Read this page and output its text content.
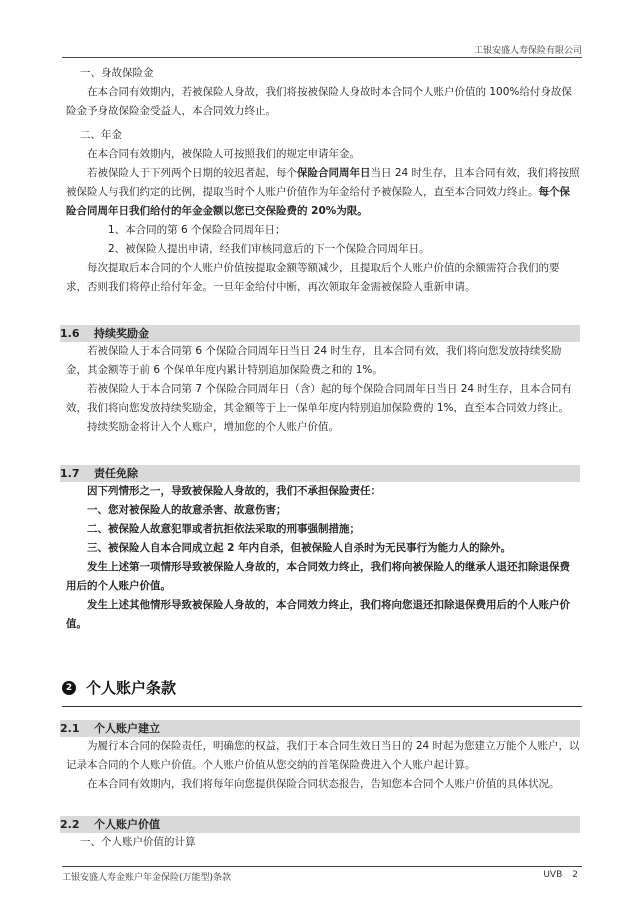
工银安盛人寿保险有限公司

一、身故保险金

在本合同有效期内，若被保险人身故，我们将按被保险人身故时本合同个人账户价值的 100%给付身故保险金予身故保险金受益人，本合同效力终止。

二、年金

在本合同有效期内，被保险人可按照我们的规定申请年金。

若被保险人于下列两个日期的较迟者起，每个保险合同周年日当日 24 时生存，且本合同有效，我们将按照被保险人与我们约定的比例，提取当时个人账户价值作为年金给付予被保险人，直至本合同效力终止。每个保险合同周年日我们给付的年金金额以您已交保险费的 20%为限。

1、本合同的第 6 个保险合同周年日；

2、被保险人提出申请，经我们审核同意后的下一个保险合同周年日。

每次提取后本合同的个人账户价值按提取金额等额减少，且提取后个人账户价值的余额需符合我们的要求，否则我们将停止给付年金。一旦年金给付中断，再次领取年金需被保险人重新申请。

1.6 持续奖励金

若被保险人于本合同第 6 个保险合同周年日当日 24 时生存，且本合同有效，我们将向您发放持续奖励金，其金额等于前 6 个保单年度内累计特别追加保险费之和的 1%。

若被保险人于本合同第 7 个保险合同周年日（含）起的每个保险合同周年日当日 24 时生存，且本合同有效，我们将向您发放持续奖励金，其金额等于上一保单年度内特别追加保险费的 1%，直至本合同效力终止。

持续奖励金将计入个人账户，增加您的个人账户价值。

1.7 责任免除

因下列情形之一，导致被保险人身故的，我们不承担保险责任：

一、您对被保险人的故意杀害、故意伤害；

二、被保险人故意犯罪或者抗拒依法采取的刑事强制措施；

三、被保险人自本合同成立起 2 年内自杀，但被保险人自杀时为无民事行为能力人的除外。

发生上述第一项情形导致被保险人身故的，本合同效力终止，我们将向被保险人的继承人退还扣除退保费用后的个人账户价值。

发生上述其他情形导致被保险人身故的，本合同效力终止，我们将向您退还扣除退保费用后的个人账户价值。

2 个人账户条款
2.1 个人账户建立

为履行本合同的保险责任，明确您的权益，我们于本合同生效日当日的 24 时起为您建立万能个人账户，以记录本合同的个人账户价值。个人账户价值从您交纳的首笔保险费进入个人账户起计算。

在本合同有效期内，我们将每年向您提供保险合同状态报告，告知您本合同个人账户价值的具体状况。

2.2 个人账户价值

一、个人账户价值的计算

工银安盛人寿金账户年金保险(万能型)条款	UVB 2
